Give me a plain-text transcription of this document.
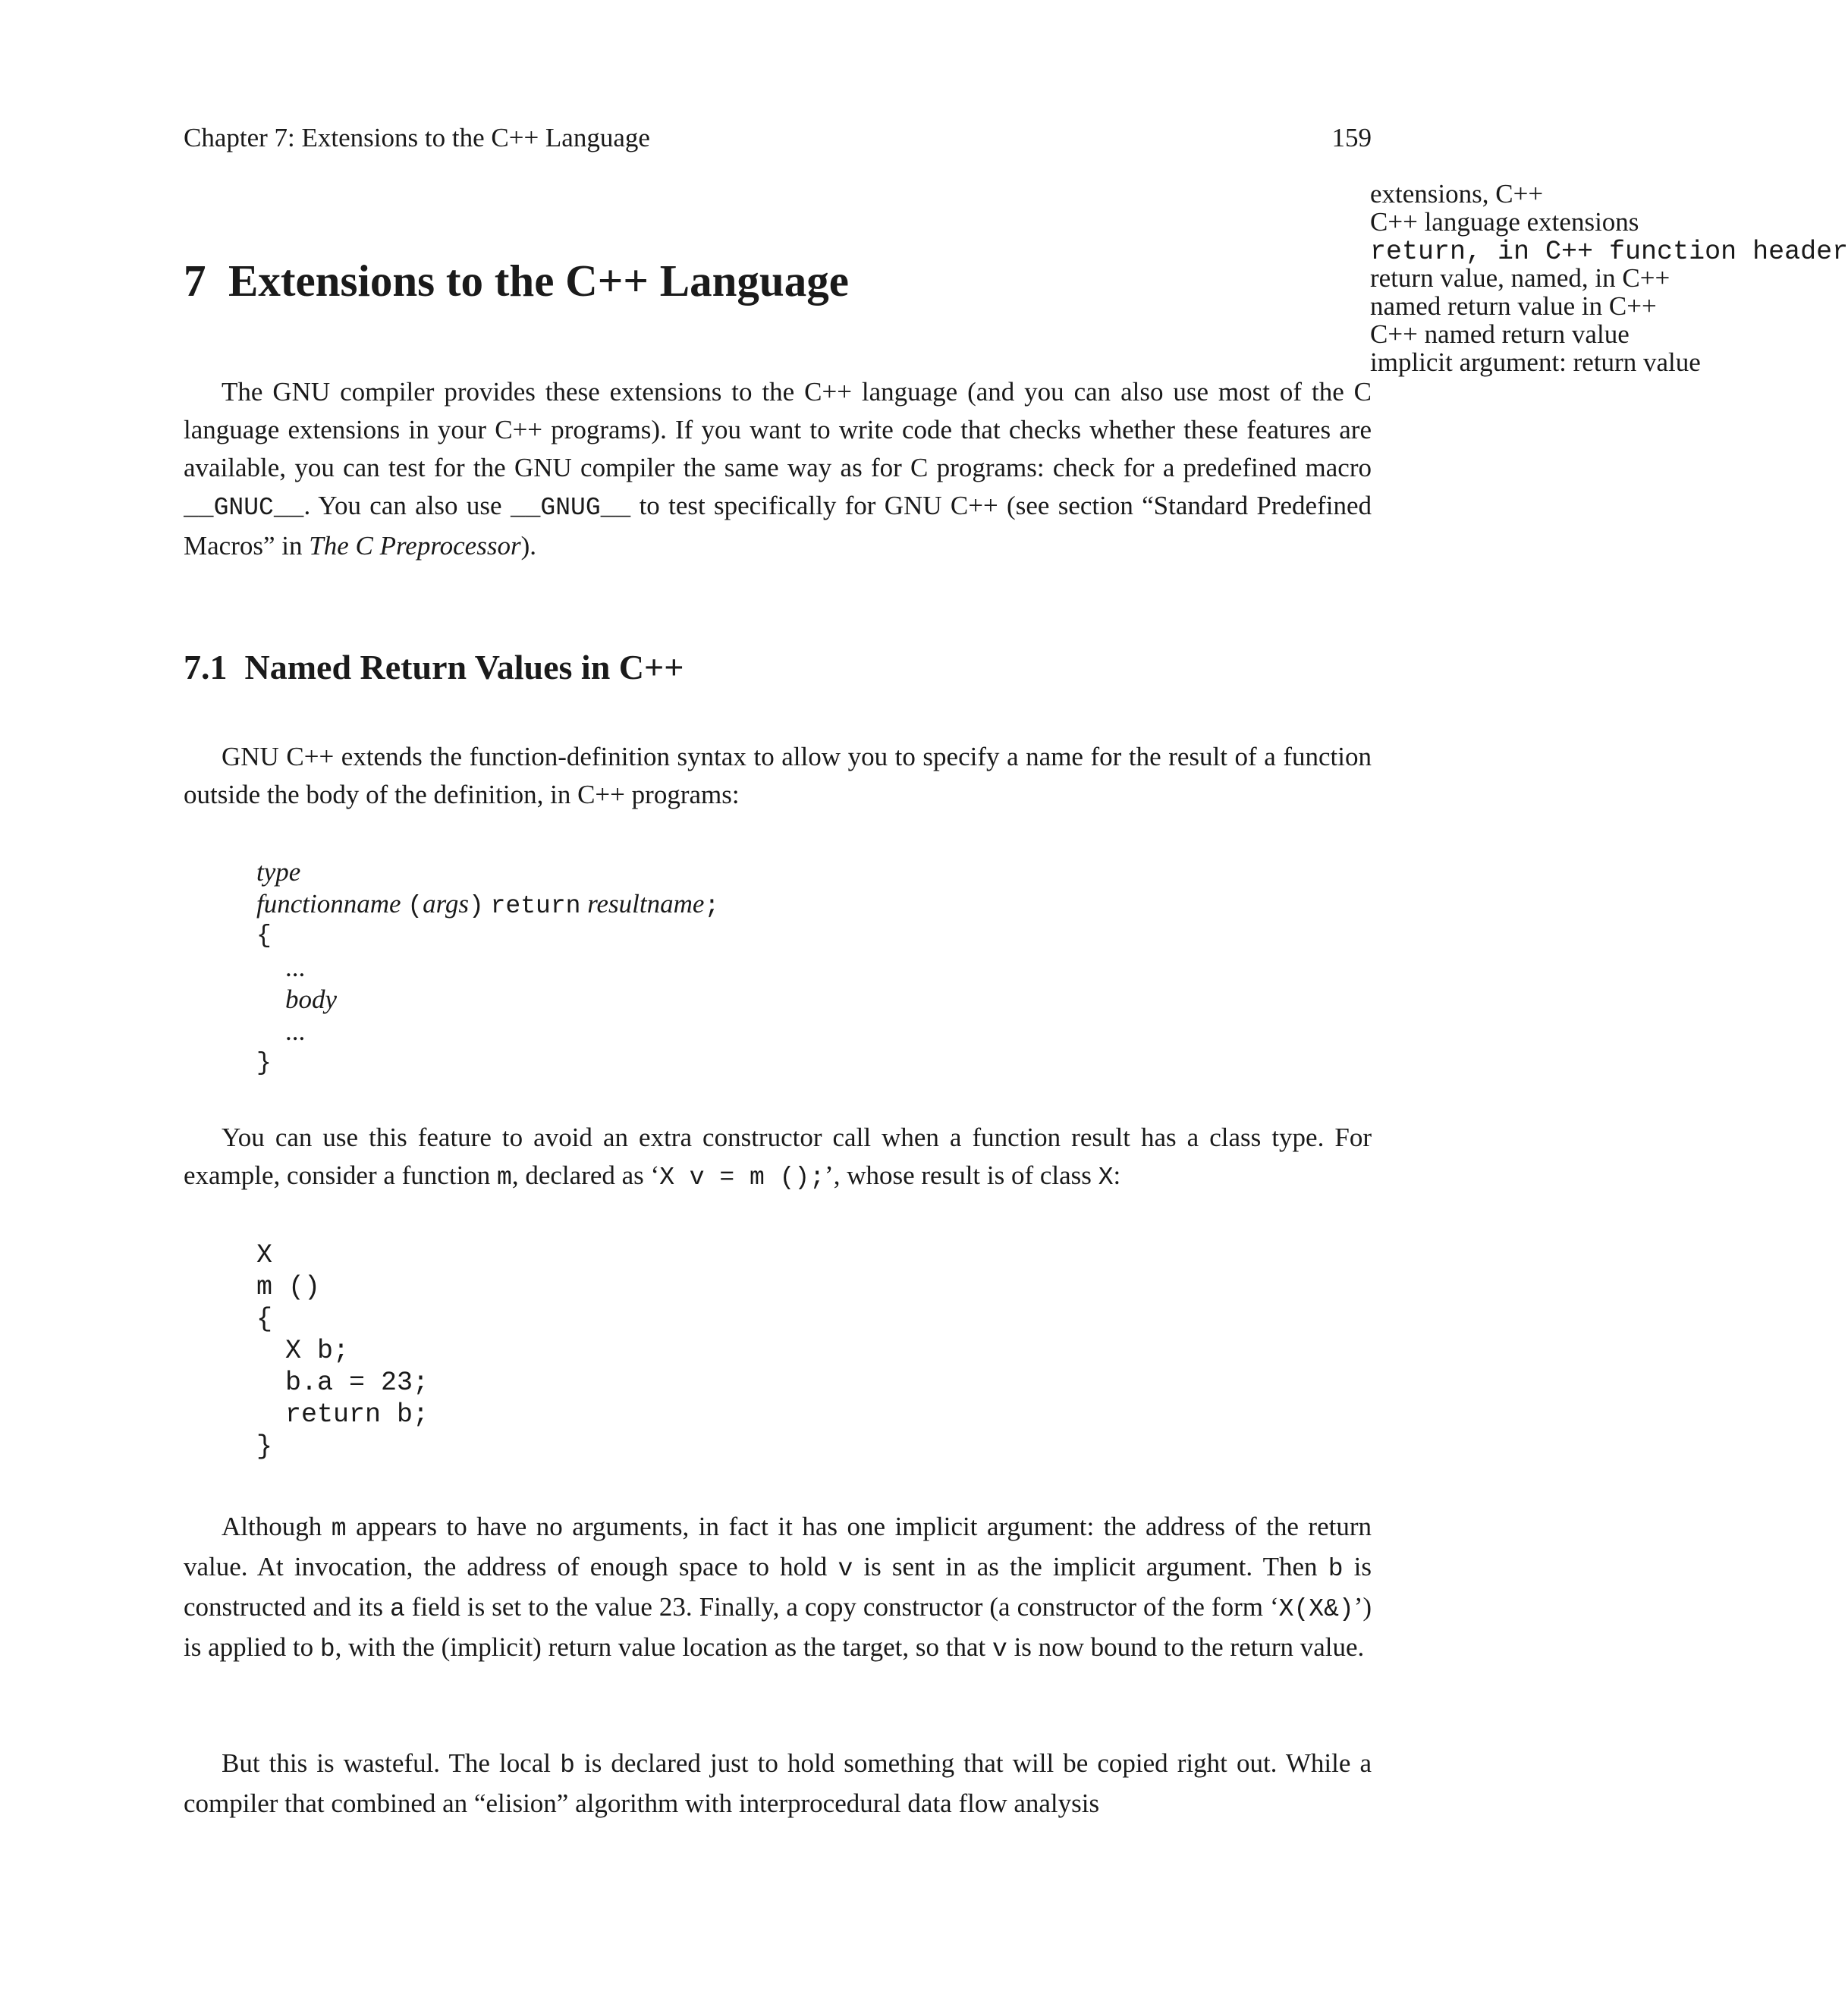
Chapter 7: Extensions to the C++ Language	159
extensions, C++
C++ language extensions
return, in C++ function header
return value, named, in C++
named return value in C++
C++ named return value
implicit argument: return value
7 Extensions to the C++ Language

The GNU compiler provides these extensions to the C++ language (and you can also use most of the C language extensions in your C++ programs). If you want to write code that checks whether these features are available, you can test for the GNU compiler the same way as for C programs: check for a predefined macro __GNUC__. You can also use __GNUG__ to test specifically for GNU C++ (see section “Standard Predefined Macros” in The C Preprocessor).

7.1 Named Return Values in C++

GNU C++ extends the function-definition syntax to allow you to specify a name for the result of a function outside the body of the definition, in C++ programs:

type
functionname (args) return resultname;
{
...
body
...
}

You can use this feature to avoid an extra constructor call when a function result has a class type. For example, consider a function m, declared as ‘X v = m ();’, whose result is of class X:

X
m ()
{
X b;
b.a = 23;
return b;
}

Although m appears to have no arguments, in fact it has one implicit argument: the address of the return value. At invocation, the address of enough space to hold v is sent in as the implicit argument. Then b is constructed and its a field is set to the value 23. Finally, a copy constructor (a constructor of the form ‘X(X&)’) is applied to b, with the (implicit) return value location as the target, so that v is now bound to the return value.

But this is wasteful. The local b is declared just to hold something that will be copied right out. While a compiler that combined an “elision” algorithm with interprocedural data flow analysis
